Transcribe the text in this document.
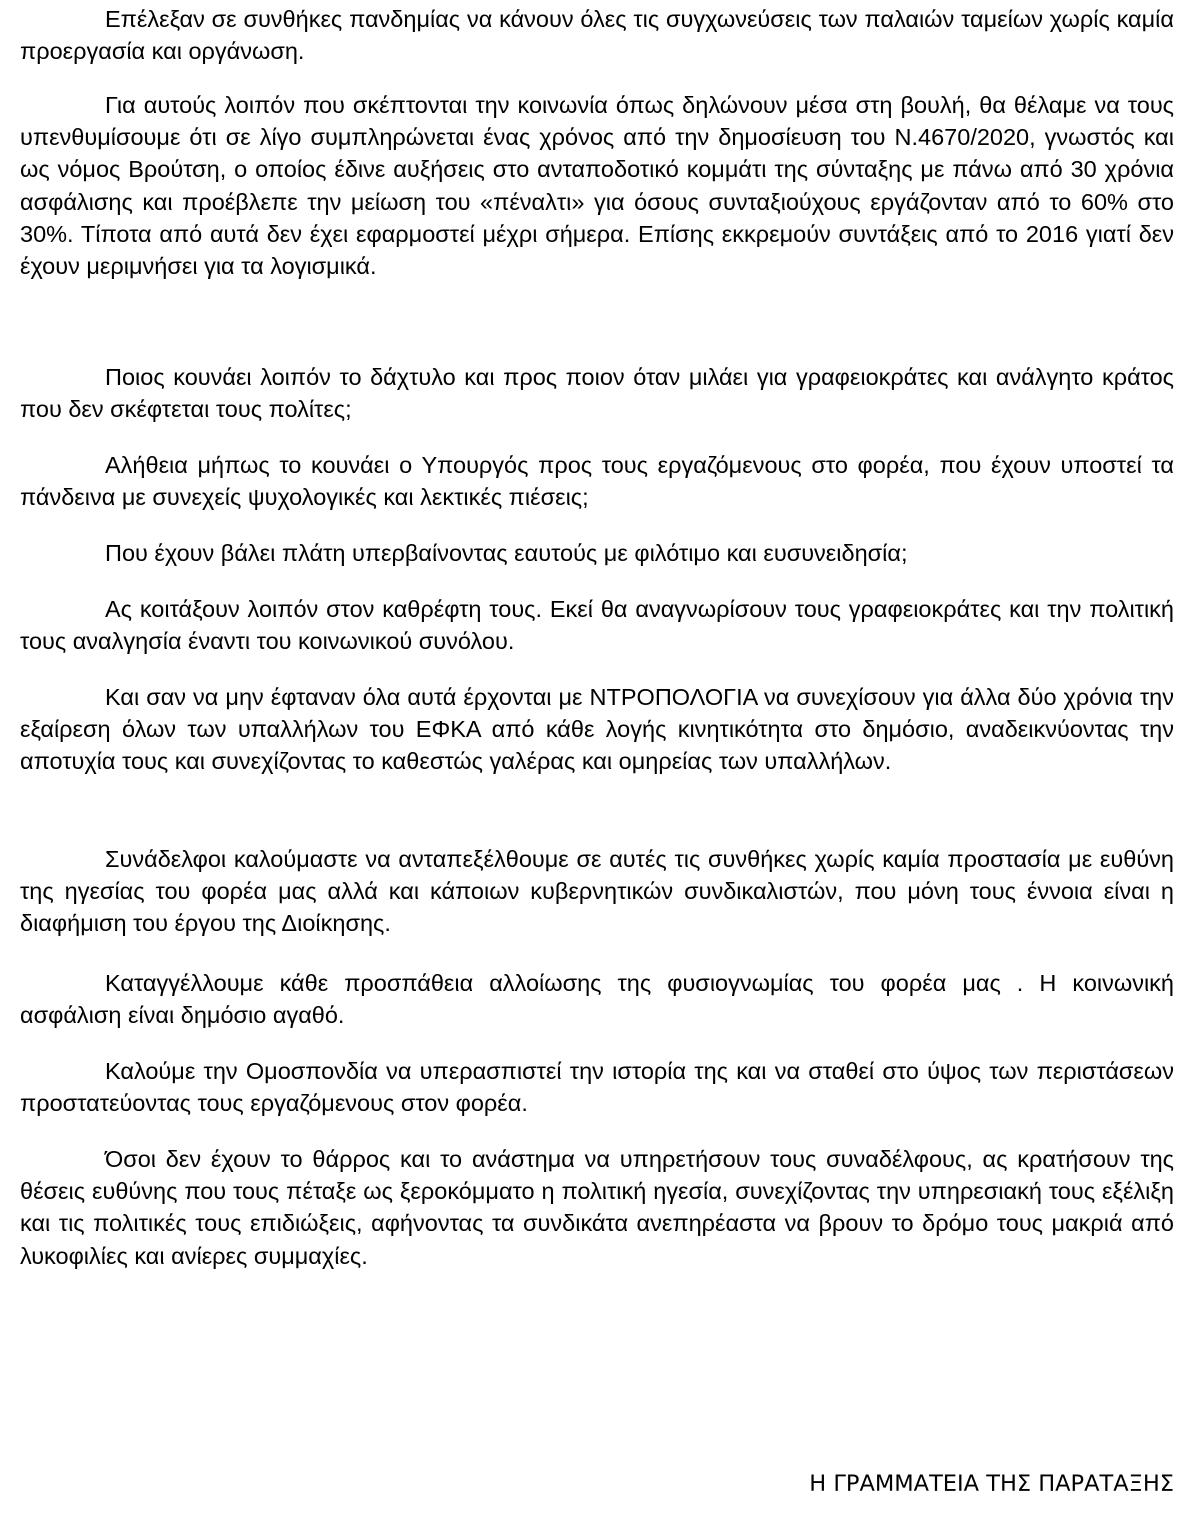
Επέλεξαν σε συνθήκες πανδημίας να κάνουν όλες τις συγχωνεύσεις των παλαιών ταμείων χωρίς καμία προεργασία και οργάνωση.

Για αυτούς λοιπόν που σκέπτονται την κοινωνία όπως δηλώνουν μέσα στη βουλή, θα θέλαμε να τους υπενθυμίσουμε ότι σε λίγο συμπληρώνεται ένας χρόνος από την δημοσίευση του Ν.4670/2020, γνωστός και ως νόμος Βρούτση, ο οποίος έδινε αυξήσεις στο ανταποδοτικό κομμάτι της σύνταξης με πάνω από 30 χρόνια ασφάλισης και προέβλεπε την μείωση του «πέναλτι» για όσους συνταξιούχους εργάζονταν από το 60% στο 30%. Τίποτα από αυτά δεν έχει εφαρμοστεί μέχρι σήμερα. Επίσης εκκρεμούν συντάξεις από το 2016 γιατί δεν έχουν μεριμνήσει για τα λογισμικά.

Ποιος κουνάει λοιπόν το δάχτυλο και προς ποιον όταν μιλάει για γραφειοκράτες και ανάλγητο κράτος που δεν σκέφτεται τους πολίτες;

Αλήθεια μήπως το κουνάει ο Υπουργός προς τους εργαζόμενους στο φορέα, που έχουν υποστεί τα πάνδεινα με συνεχείς ψυχολογικές και λεκτικές πιέσεις;

Που έχουν βάλει πλάτη υπερβαίνοντας εαυτούς με φιλότιμο και ευσυνειδησία;

Ας κοιτάξουν λοιπόν στον καθρέφτη τους. Εκεί θα αναγνωρίσουν τους γραφειοκράτες και την πολιτική τους αναλγησία έναντι του κοινωνικού συνόλου.

Και σαν να μην έφταναν όλα αυτά έρχονται με ΝΤΡΟΠΟΛΟΓΙΑ να συνεχίσουν για άλλα δύο χρόνια την εξαίρεση όλων των υπαλλήλων του ΕΦΚΑ από κάθε λογής κινητικότητα στο δημόσιο, αναδεικνύοντας την αποτυχία τους και συνεχίζοντας το καθεστώς γαλέρας και ομηρείας των υπαλλήλων.

Συνάδελφοι καλούμαστε να ανταπεξέλθουμε σε αυτές τις συνθήκες χωρίς καμία προστασία με ευθύνη της ηγεσίας του φορέα μας αλλά και κάποιων κυβερνητικών συνδικαλιστών, που μόνη τους έννοια είναι η διαφήμιση του έργου της Διοίκησης.

Καταγγέλλουμε κάθε προσπάθεια αλλοίωσης της φυσιογνωμίας του φορέα μας . Η κοινωνική ασφάλιση είναι δημόσιο αγαθό.

Καλούμε την Ομοσπονδία να υπερασπιστεί την ιστορία της και να σταθεί στο ύψος των περιστάσεων προστατεύοντας τους εργαζόμενους στον φορέα.

Όσοι δεν έχουν το θάρρος και το ανάστημα να υπηρετήσουν τους συναδέλφους, ας κρατήσουν της θέσεις ευθύνης που τους πέταξε ως ξεροκόμματο η πολιτική ηγεσία, συνεχίζοντας την υπηρεσιακή τους εξέλιξη και τις πολιτικές τους επιδιώξεις, αφήνοντας τα συνδικάτα ανεπηρέαστα να βρουν το δρόμο τους μακριά από λυκοφιλίες και ανίερες συμμαχίες.

Η ΓΡΑΜΜΑΤΕΙΑ ΤΗΣ ΠΑΡΑΤΑΞΗΣ
